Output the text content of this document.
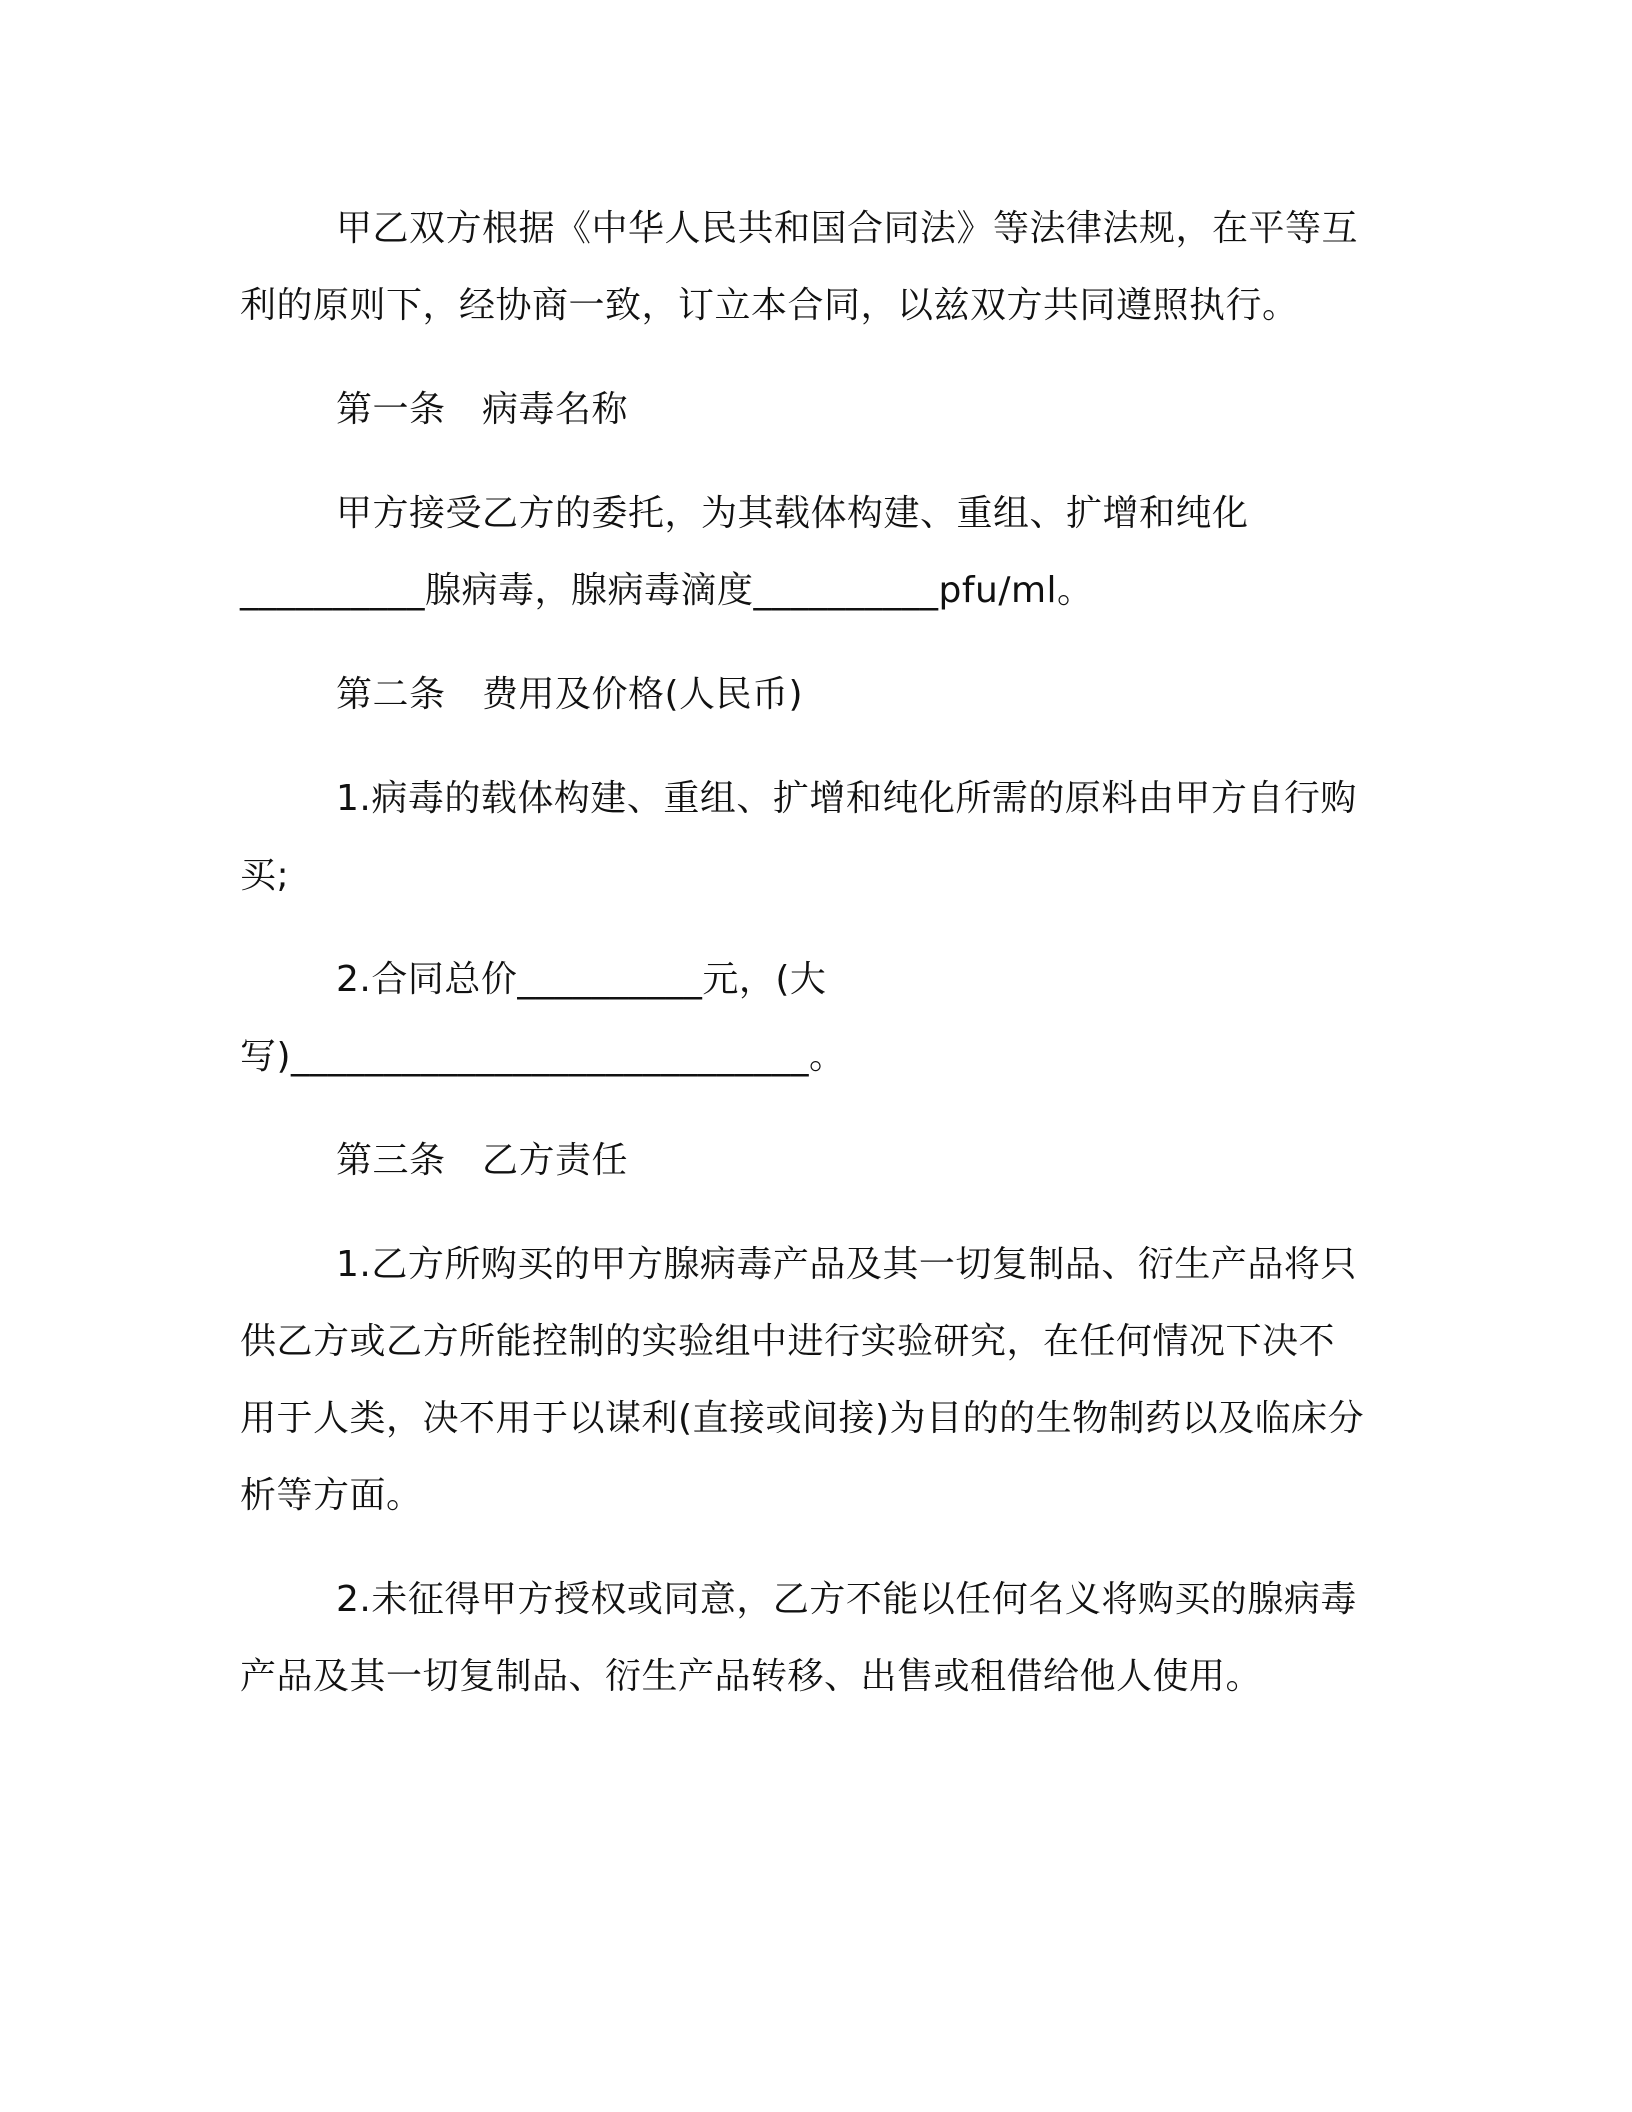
甲乙双方根据《中华人民共和国合同法》等法律法规，在平等互
利的原则下，经协商一致，订立本合同，以兹双方共同遵照执行。

第一条　病毒名称

甲方接受乙方的委托，为其载体构建、重组、扩增和纯化
__________腺病毒，腺病毒滴度__________pfu/ml。

第二条　费用及价格(人民币)

1.病毒的载体构建、重组、扩增和纯化所需的原料由甲方自行购
买;

2.合同总价__________元，(大
写)____________________________。

第三条　乙方责任

1.乙方所购买的甲方腺病毒产品及其一切复制品、衍生产品将只
供乙方或乙方所能控制的实验组中进行实验研究，在任何情况下决不
用于人类，决不用于以谋利(直接或间接)为目的的生物制药以及临床分
析等方面。

2.未征得甲方授权或同意，乙方不能以任何名义将购买的腺病毒
产品及其一切复制品、衍生产品转移、出售或租借给他人使用。
